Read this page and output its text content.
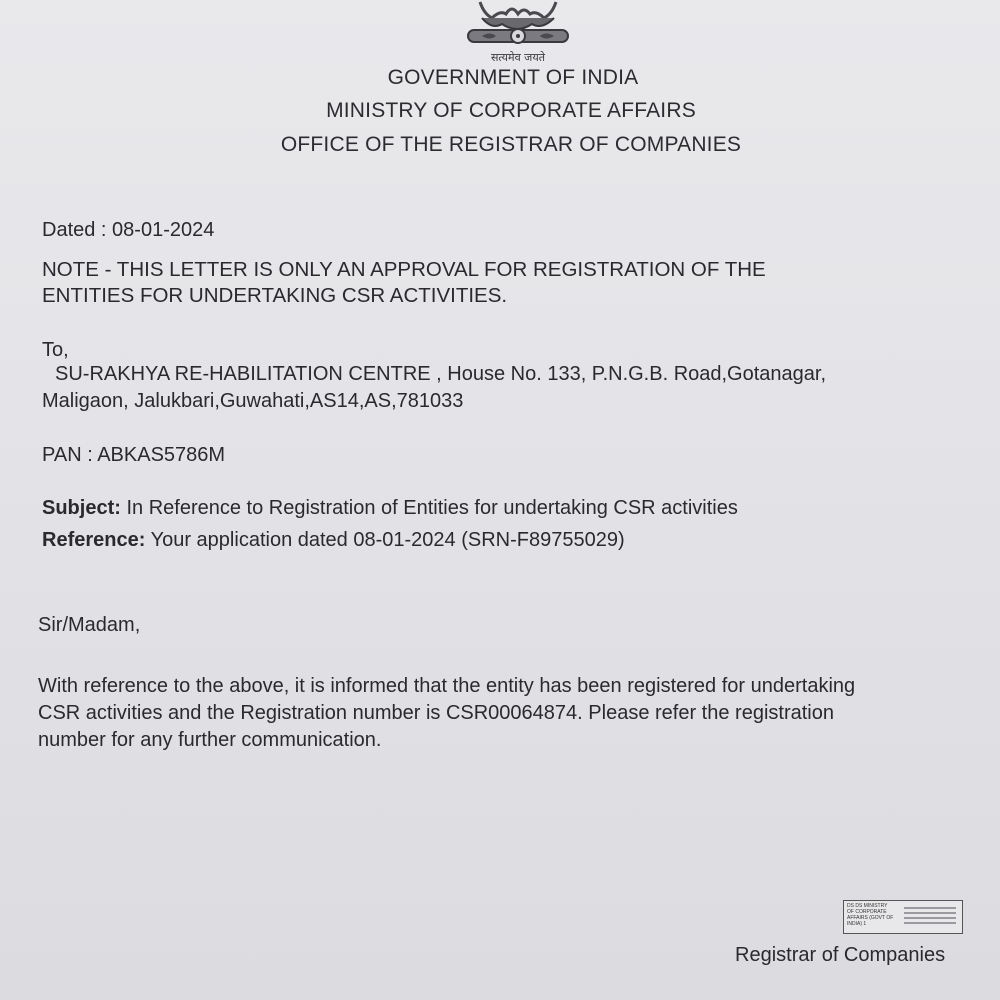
सत्यमेव जयते
GOVERNMENT OF INDIA
MINISTRY OF CORPORATE AFFAIRS
OFFICE OF THE REGISTRAR OF COMPANIES
Dated : 08-01-2024
NOTE - THIS LETTER IS ONLY AN APPROVAL FOR REGISTRATION OF THE
ENTITIES FOR UNDERTAKING CSR ACTIVITIES.
To,
SU-RAKHYA RE-HABILITATION CENTRE , House No. 133, P.N.G.B. Road,Gotanagar,
Maligaon, Jalukbari,Guwahati,AS14,AS,781033
PAN : ABKAS5786M
Subject: In Reference to Registration of Entities for undertaking CSR activities
Reference: Your application dated 08-01-2024 (SRN-F89755029)
Sir/Madam,
With reference to the above, it is informed that the entity has been registered for undertaking
CSR activities and the Registration number is CSR00064874. Please refer the registration
number for any further communication.
DS DS MINISTRY
OF CORPORATE
AFFAIRS (GOVT OF
INDIA) 1
Registrar of Companies
